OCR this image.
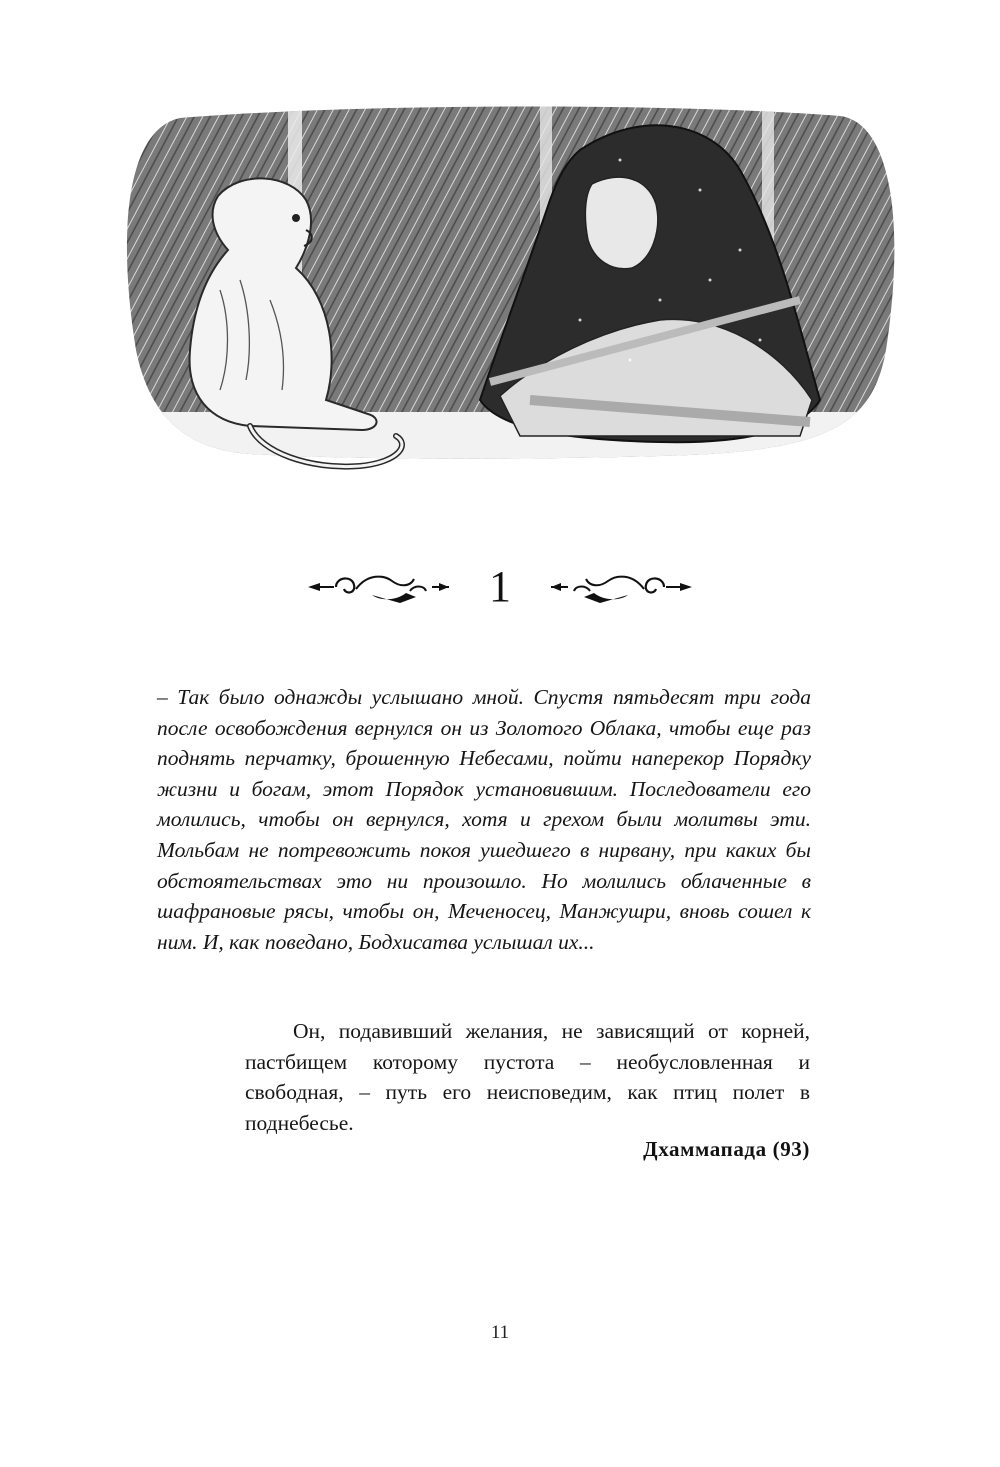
1

– Так было однажды услышано мной. Спустя пятьдесят три года после освобождения вернулся он из Золотого Облака, чтобы еще раз поднять перчатку, брошенную Небесами, пойти наперекор Порядку жизни и богам, этот Порядок установившим. Последователи его молились, чтобы он вернулся, хотя и грехом были молитвы эти. Мольбам не потревожить покоя ушедшего в нирвану, при каких бы обстоятельствах это ни произошло. Но молились облаченные в шафрановые рясы, чтобы он, Меченосец, Манжушри, вновь сошел к ним. И, как поведано, Бодхисатва услышал их...

Он, подавивший желания, не зависящий от корней, пастбищем которому пустота – необусловленная и свободная, – путь его неисповедим, как птиц полет в поднебесье.

Дхаммапада (93)
11
